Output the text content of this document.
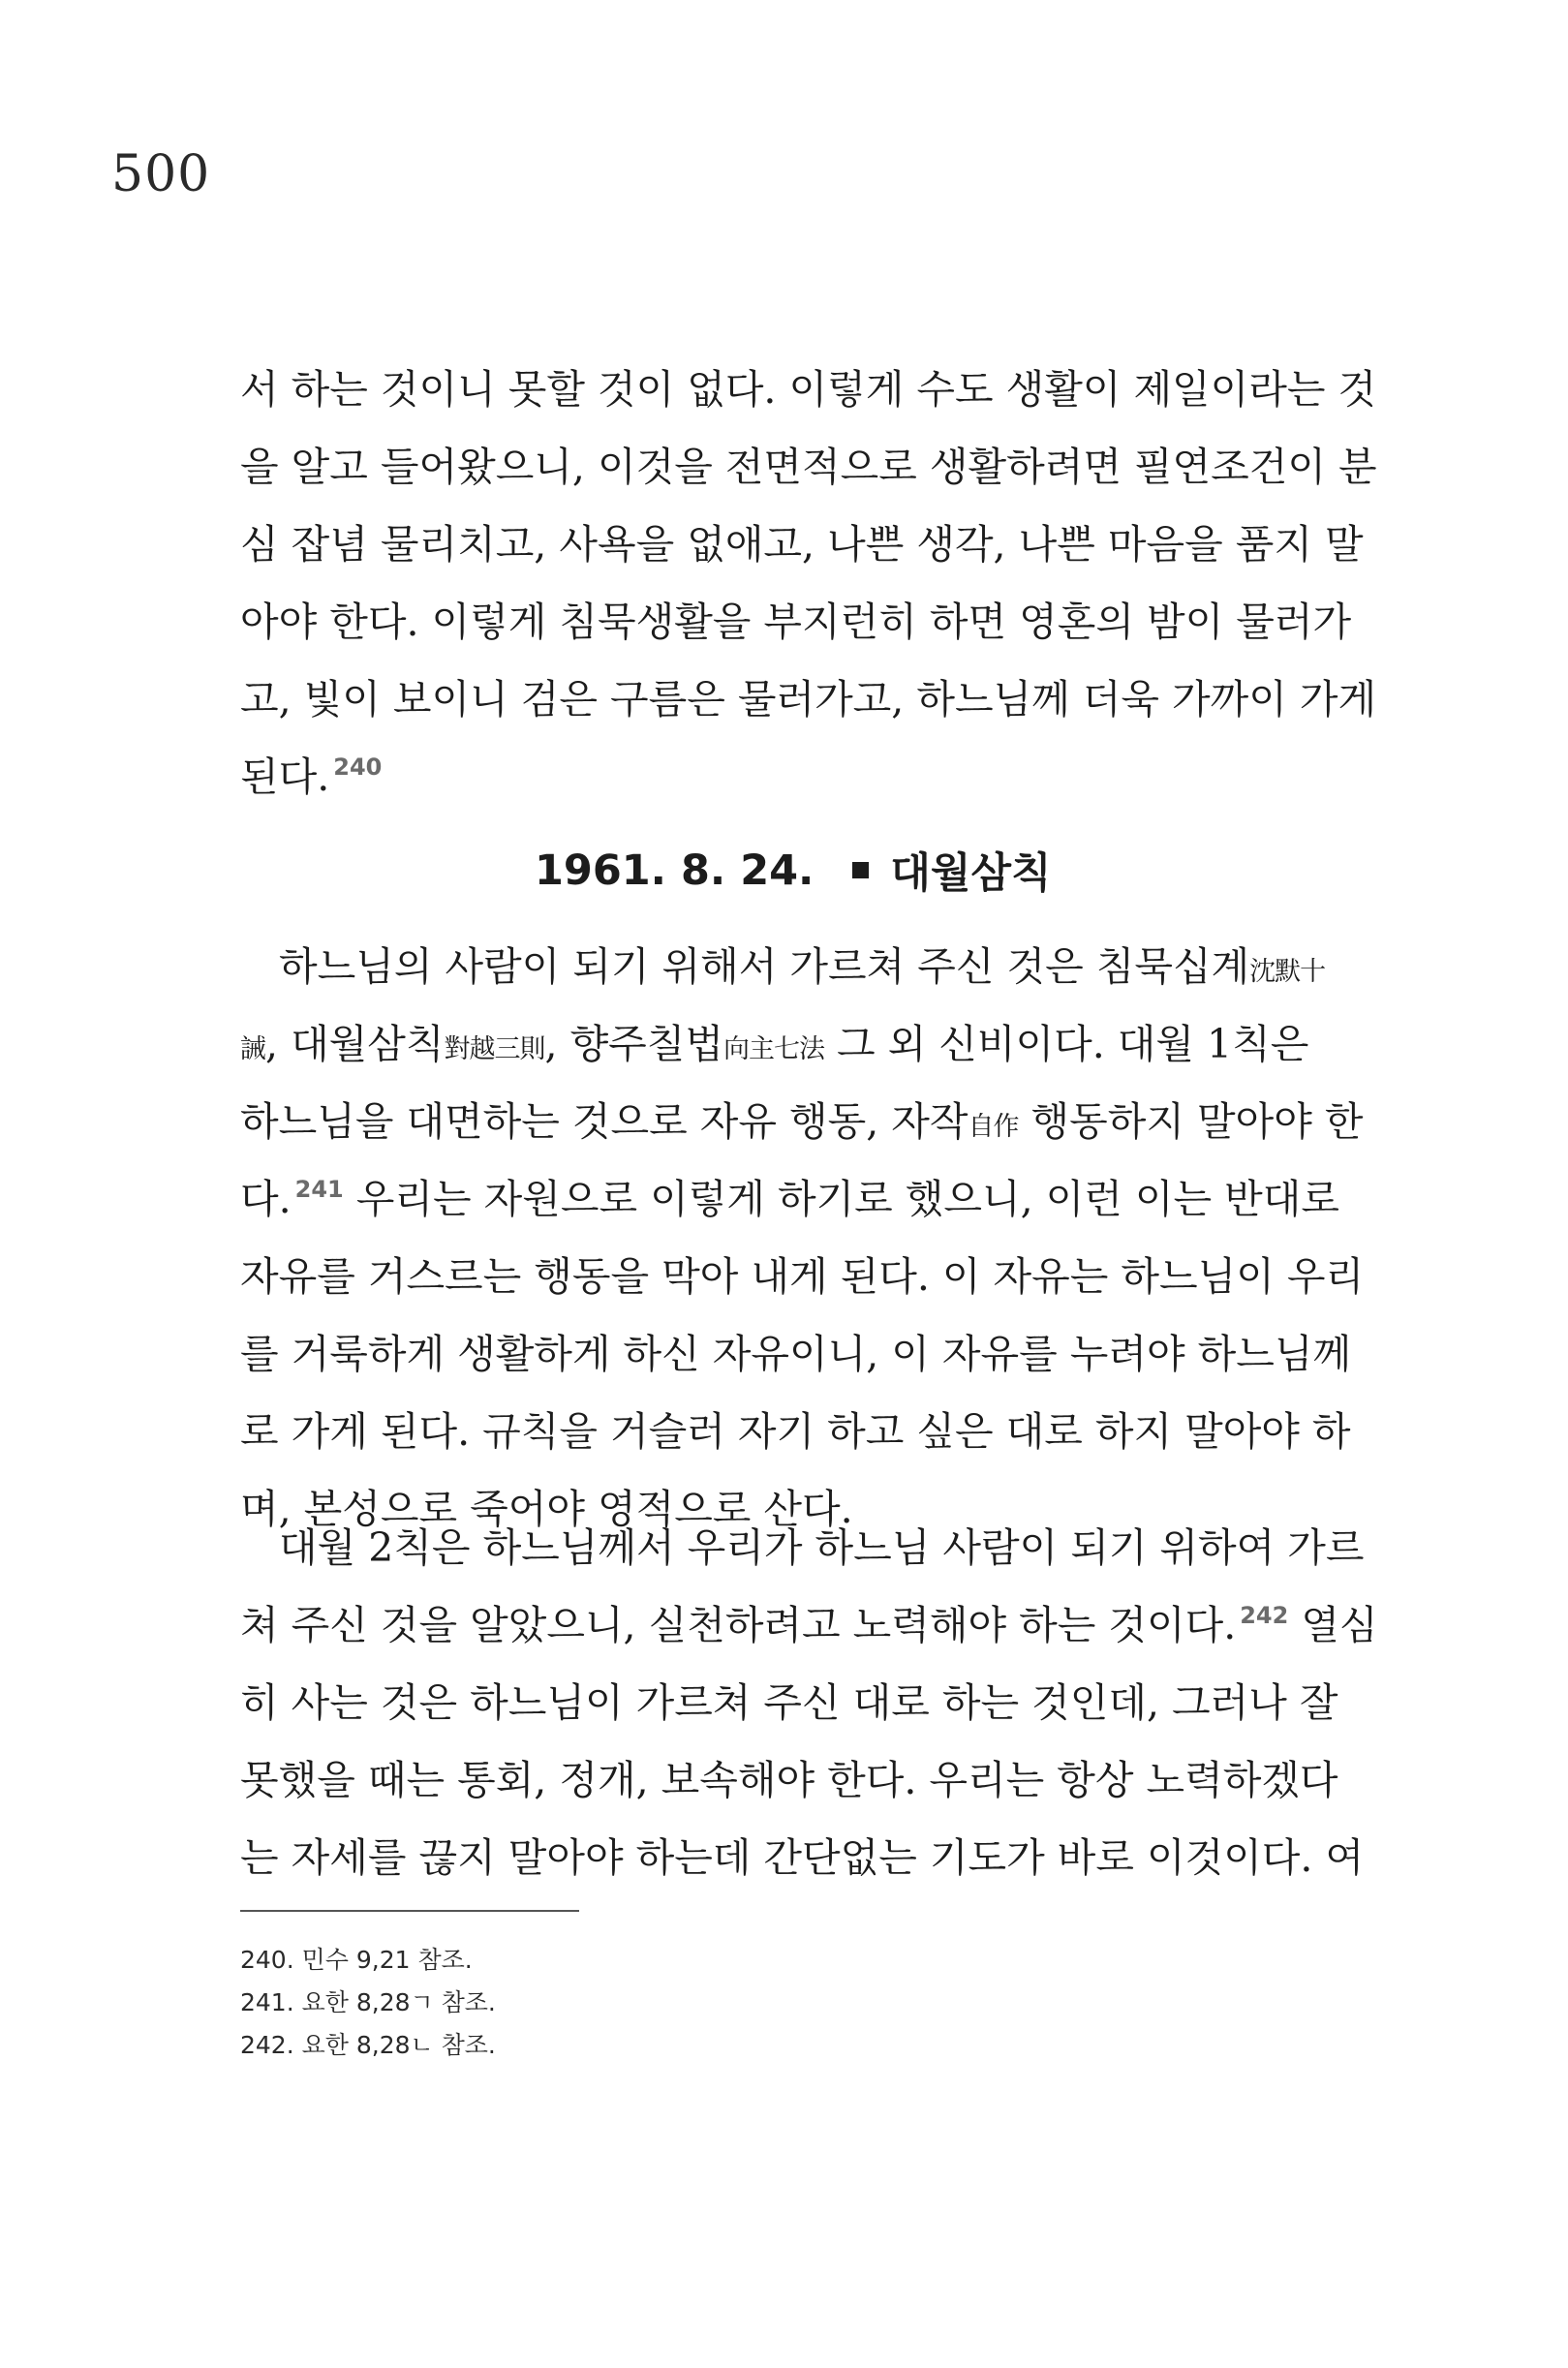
500
서 하는 것이니 못할 것이 없다. 이렇게 수도 생활이 제일이라는 것
을 알고 들어왔으니, 이것을 전면적으로 생활하려면 필연조건이 분
심 잡념 물리치고, 사욕을 없애고, 나쁜 생각, 나쁜 마음을 품지 말
아야 한다. 이렇게 침묵생활을 부지런히 하면 영혼의 밤이 물러가
고, 빛이 보이니 검은 구름은 물러가고, 하느님께 더욱 가까이 가게
된다. $^{240}$
1961. 8. 24. 대월삼칙
하느님의 사람이 되기 위해서 가르쳐 주신 것은 침묵십계沈默十
誡, 대월삼칙對越三則, 향주칠법向主七法 그 외 신비이다. 대월 1칙은
하느님을 대면하는 것으로 자유 행동, 자작自作 행동하지 말아야 한
다. $^{241}$ 우리는 자원으로 이렇게 하기로 했으니, 이런 이는 반대로
자유를 거스르는 행동을 막아 내게 된다. 이 자유는 하느님이 우리
를 거룩하게 생활하게 하신 자유이니, 이 자유를 누려야 하느님께
로 가게 된다. 규칙을 거슬러 자기 하고 싶은 대로 하지 말아야 하
며, 본성으로 죽어야 영적으로 산다.
대월 2칙은 하느님께서 우리가 하느님 사람이 되기 위하여 가르
쳐 주신 것을 알았으니, 실천하려고 노력해야 하는 것이다. $^{242}$ 열심
히 사는 것은 하느님이 가르쳐 주신 대로 하는 것인데, 그러나 잘
못했을 때는 통회, 정개, 보속해야 한다. 우리는 항상 노력하겠다
는 자세를 끊지 말아야 하는데 간단없는 기도가 바로 이것이다. 여
240. 민수 9,21 참조.
241. 요한 8,28ㄱ 참조.
242. 요한 8,28ㄴ 참조.
